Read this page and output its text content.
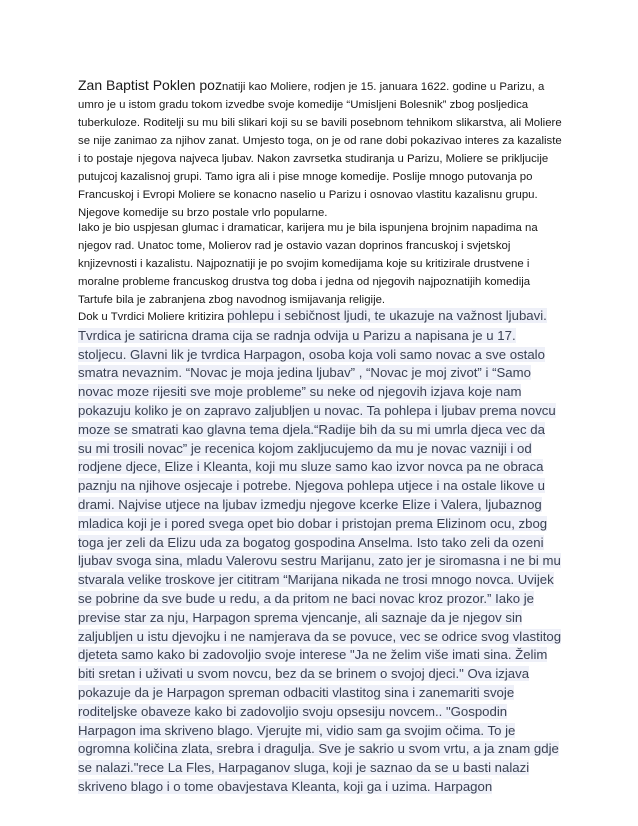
Zan Baptist Poklen poznatiji kao Moliere, rodjen je 15. januara 1622. godine u Parizu, a umro je u istom gradu tokom izvedbe svoje komedije “Umisljeni Bolesnik” zbog posljedica tuberkuloze. Roditelji su mu bili slikari koji su se bavili posebnom tehnikom slikarstva, ali Moliere se nije zanimao za njihov zanat. Umjesto toga, on je od rane dobi pokazivao interes za kazaliste i to postaje njegova najveca ljubav. Nakon zavrsetka studiranja u Parizu, Moliere se prikljucije putujcoj kazalisnoj grupi. Tamo igra ali i pise mnoge komedije. Poslije mnogo putovanja po Francuskoj i Evropi Moliere se konacno naselio u Parizu i osnovao vlastitu kazalisnu grupu. Njegove komedije su brzo postale vrlo popularne.

Iako je bio uspjesan glumac i dramaticar, karijera mu je bila ispunjena brojnim napadima na njegov rad. Unatoc tome, Molierov rad je ostavio vazan doprinos francuskoj i svjetskoj knjizevnosti i kazalistu. Najpoznatiji je po svojim komedijama koje su kritizirale drustvene i moralne probleme francuskog drustva tog doba i jedna od njegovih najpoznatijih komedija Tartufe bila je zabranjena zbog navodnog ismijavanja religije.

Dok u Tvrdici Moliere kritizira pohlepu i sebičnost ljudi, te ukazuje na važnost ljubavi. Tvrdica je satiricna drama cija se radnja odvija u Parizu a napisana je u 17. stoljecu. Glavni lik je tvrdica Harpagon, osoba koja voli samo novac a sve ostalo smatra nevaznim. “Novac je moja jedina ljubav” , “Novac je moj zivot” i “Samo novac moze rijesiti sve moje probleme” su neke od njegovih izjava koje nam pokazuju koliko je on zapravo zaljubljen u novac. Ta pohlepa i ljubav prema novcu moze se smatrati kao glavna tema djela.“Radije bih da su mi umrla djeca vec da su mi trosili novac” je recenica kojom zakljucujemo da mu je novac vazniji i od rodjene djece, Elize i Kleanta, koji mu sluze samo kao izvor novca pa ne obraca paznju na njihove osjecaje i potrebe. Njegova pohlepa utjece i na ostale likove u drami. Najvise utjece na ljubav izmedju njegove kcerke Elize i Valera, ljubaznog mladica koji je i pored svega opet bio dobar i pristojan prema Elizinom ocu, zbog toga jer zeli da Elizu uda za bogatog gospodina Anselma. Isto tako zeli da ozeni ljubav svoga sina, mladu Valerovu sestru Marijanu, zato jer je siromasna i ne bi mu stvarala velike troskove jer cititram “Marijana nikada ne trosi mnogo novca. Uvijek se pobrine da sve bude u redu, a da pritom ne baci novac kroz prozor.” Iako je previse star za nju, Harpagon sprema vjencanje, ali saznaje da je njegov sin zaljubljen u istu djevojku i ne namjerava da se povuce, vec se odrice svog vlastitog djeteta samo kako bi zadovoljio svoje interese "Ja ne želim više imati sina. Želim biti sretan i uživati u svom novcu, bez da se brinem o svojoj djeci." Ova izjava pokazuje da je Harpagon spreman odbaciti vlastitog sina i zanemariti svoje roditeljske obaveze kako bi zadovoljio svoju opsesiju novcem.. "Gospodin Harpagon ima skriveno blago. Vjerujte mi, vidio sam ga svojim očima. To je ogromna količina zlata, srebra i dragulja. Sve je sakrio u svom vrtu, a ja znam gdje se nalazi."rece La Fles, Harpaganov sluga, koji je saznao da se u basti nalazi skriveno blago i o tome obavjestava Kleanta, koji ga i uzima. Harpagon
